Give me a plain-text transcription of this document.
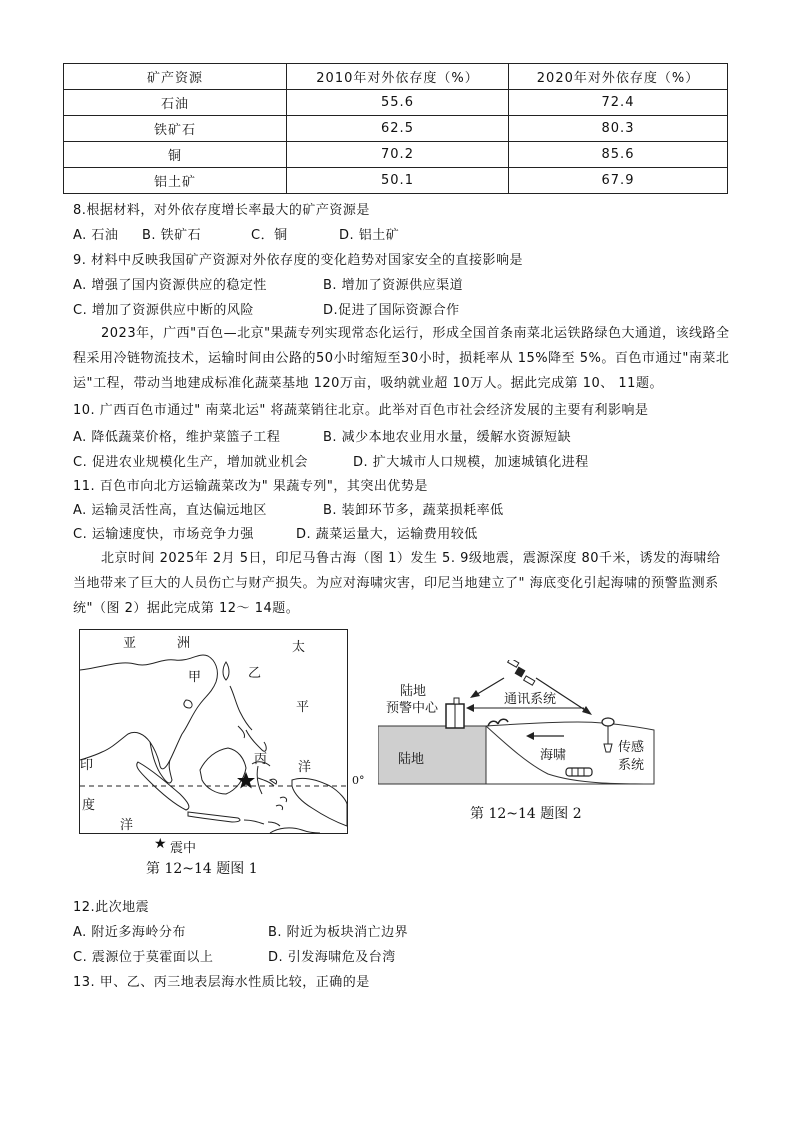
矿产资源	2010年对外依存度（%）	2020年对外依存度（%）
石油	55.6	72.4
铁矿石	62.5	80.3
铜	70.2	85.6
铝土矿	50.1	67.9
8.根据材料，对外依存度增长率最大的矿产资源是
A. 石油 B. 铁矿石	C．铜	D. 铝土矿
9. 材料中反映我国矿产资源对外依存度的变化趋势对国家安全的直接影响是
A. 增强了国内资源供应的稳定性	B. 增加了资源供应渠道
C. 增加了资源供应中断的风险	D.促进了国际资源合作
2023年，广西"百色—北京"果蔬专列实现常态化运行，形成全国首条南菜北运铁路绿色大通道，该线路全程采用冷链物流技术，运输时间由公路的50小时缩短至30小时，损耗率从 15%降至 5%。百色市通过"南菜北运"工程，带动当地建成标准化蔬菜基地 120万亩，吸纳就业超 10万人。据此完成第 10、 11题。
10. 广西百色市通过" 南菜北运" 将蔬菜销往北京。此举对百色市社会经济发展的主要有利影响是
A. 降低蔬菜价格，维护菜篮子工程	B. 减少本地农业用水量，缓解水资源短缺
C. 促进农业规模化生产，增加就业机会	D. 扩大城市人口规模，加速城镇化进程
11. 百色市向北方运输蔬菜改为" 果蔬专列"，其突出优势是
A. 运输灵活性高，直达偏远地区	B. 装卸环节多，蔬菜损耗率低
C. 运输速度快，市场竞争力强	D. 蔬菜运量大，运输费用较低
北京时间 2025年 2月 5日，印尼马鲁古海（图 1）发生 5. 9级地震，震源深度 80千米，诱发的海啸给当地带来了巨大的人员伤亡与财产损失。为应对海啸灾害，印尼当地建立了" 海底变化引起海啸的预警监测系统"（图 2）据此完成第 12～ 14题。
亚	洲	太
平
洋
甲	乙
丙
印
度
洋
0°
★ 震中
第 12~14 题图 1
通讯系统
陆地
预警中心
陆地	海啸
传感
系统
第 12~14 题图 2
12.此次地震
A. 附近多海岭分布	B. 附近为板块消亡边界
C. 震源位于莫霍面以上	D. 引发海啸危及台湾
13. 甲、乙、丙三地表层海水性质比较，正确的是
